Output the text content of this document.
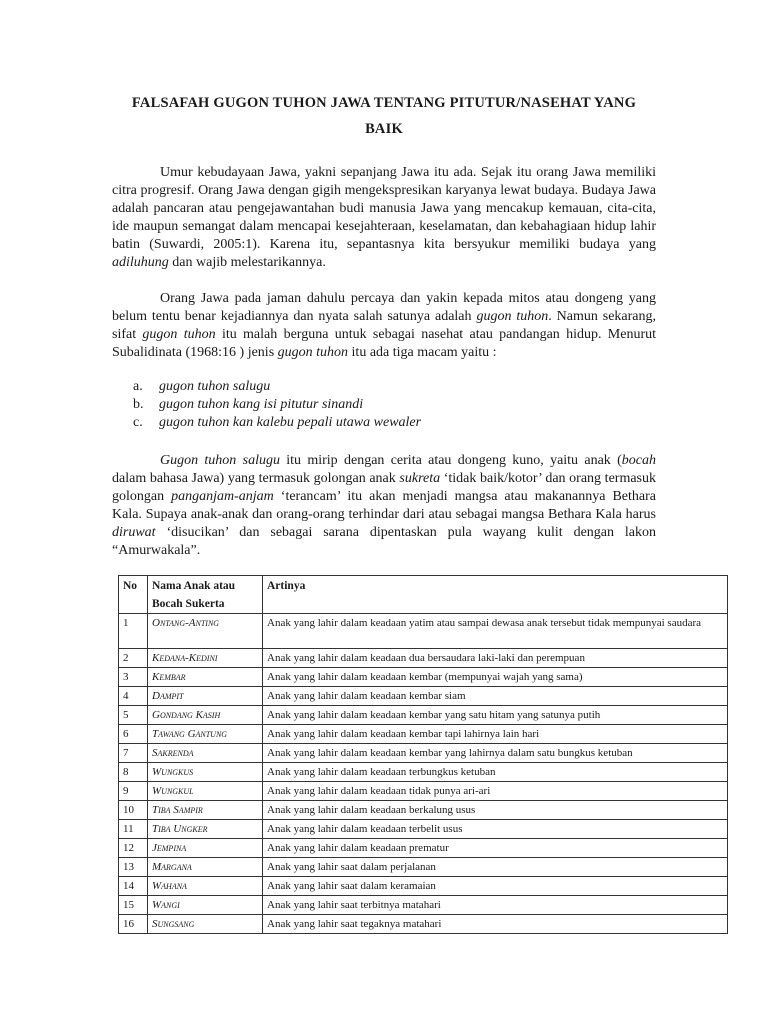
FALSAFAH GUGON TUHON JAWA TENTANG PITUTUR/NASEHAT YANG
BAIK

Umur kebudayaan Jawa, yakni sepanjang Jawa itu ada. Sejak itu orang Jawa memiliki citra progresif. Orang Jawa dengan gigih mengekspresikan karyanya lewat budaya. Budaya Jawa adalah pancaran atau pengejawantahan budi manusia Jawa yang mencakup kemauan, cita-cita, ide maupun semangat dalam mencapai kesejahteraan, keselamatan, dan kebahagiaan hidup lahir batin (Suwardi, 2005:1). Karena itu, sepantasnya kita bersyukur memiliki budaya yang adiluhung dan wajib melestarikannya.

Orang Jawa pada jaman dahulu percaya dan yakin kepada mitos atau dongeng yang belum tentu benar kejadiannya dan nyata salah satunya adalah gugon tuhon. Namun sekarang, sifat gugon tuhon itu malah berguna untuk sebagai nasehat atau pandangan hidup. Menurut Subalidinata (1968:16 ) jenis gugon tuhon itu ada tiga macam yaitu :

a.	gugon tuhon salugu
b.	gugon tuhon kang isi pitutur sinandi
c.	gugon tuhon kan kalebu pepali utawa wewaler

Gugon tuhon salugu itu mirip dengan cerita atau dongeng kuno, yaitu anak (bocah dalam bahasa Jawa) yang termasuk golongan anak sukreta ‘tidak baik/kotor’ dan orang termasuk golongan panganjam-anjam ‘terancam’ itu akan menjadi mangsa atau makanannya Bethara Kala. Supaya anak-anak dan orang-orang terhindar dari atau sebagai mangsa Bethara Kala harus diruwat ‘disucikan’ dan sebagai sarana dipentaskan pula wayang kulit dengan lakon “Amurwakala”.

No	Nama Anak atau Bocah Sukerta	Artinya
1	Ontang-Anting	Anak yang lahir dalam keadaan yatim atau sampai dewasa anak tersebut tidak mempunyai saudara
2	Kedana-Kedini	Anak yang lahir dalam keadaan dua bersaudara laki-laki dan perempuan
3	Kembar	Anak yang lahir dalam keadaan kembar (mempunyai wajah yang sama)
4	Dampit	Anak yang lahir dalam keadaan kembar siam
5	Gondang Kasih	Anak yang lahir dalam keadaan kembar yang satu hitam yang satunya putih
6	Tawang Gantung	Anak yang lahir dalam keadaan kembar tapi lahirnya lain hari
7	Sakrenda	Anak yang lahir dalam keadaan kembar yang lahirnya dalam satu bungkus ketuban
8	Wungkus	Anak yang lahir dalam keadaan terbungkus ketuban
9	Wungkul	Anak yang lahir dalam keadaan tidak punya ari-ari
10	Tiba Sampir	Anak yang lahir dalam keadaan berkalung usus
11	Tiba Ungker	Anak yang lahir dalam keadaan terbelit usus
12	Jempina	Anak yang lahir dalam keadaan prematur
13	Margana	Anak yang lahir saat dalam perjalanan
14	Wahana	Anak yang lahir saat dalam keramaian
15	Wangi	Anak yang lahir saat terbitnya matahari
16	Sungsang	Anak yang lahir saat tegaknya matahari
